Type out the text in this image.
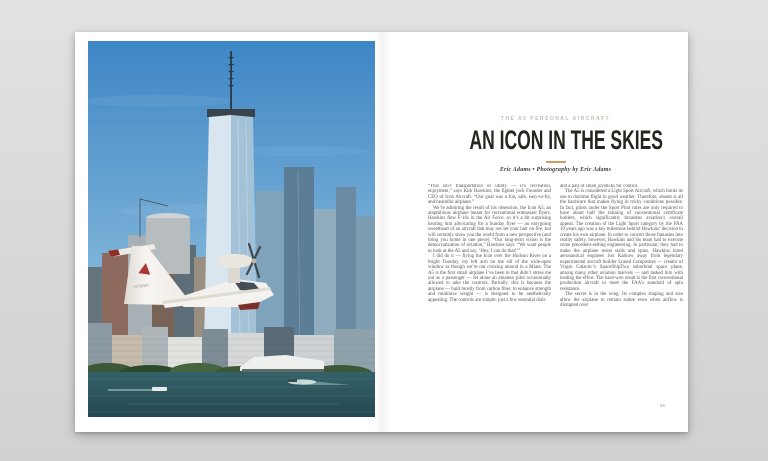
N720BA
THE A5 PERSONAL AIRCRAFT
AN ICON IN THE SKIES
Eric Adams • Photography by Eric Adams

“This isn’t transportation or utility — it’s recreation, enjoyment,” says Kirk Hawkins, the fighter jock Founder and CEO of Icon Aircraft. “Our goal was a fun, safe, easy-to-fly, and beautiful airplane.”

We’re admiring the result of his obsession, the Icon A5, an amphibious airplane meant for recreational enthusiast flyers. Hawkins flew F-16s in the Air Force, so it’s a bit surprising hearing him advocating for a Sunday flyer — an easygoing sweetheart of an aircraft that may not set your hair on fire, but will certainly show you the world from a new perspective (and bring you home in one piece). “Our long-term vision is the democratization of aviation,” Hawkins says. “We want people to look at the A5 and say, ‘Hey, I can do that!’”

I did do it — flying the Icon over the Hudson River on a bright Tuesday, my left arm on the sill of the wide-open window as though we’re out cruising around in a Miata. The A5 is the first small airplane I’ve been in that didn’t stress me out as a passenger — let alone an amateur pilot occasionally allowed to take the controls. Partially, this is because the airplane — built mostly from carbon fiber, to enhance strength and minimize weight — is designed to be aesthetically appealing. The controls are simple: just a few essential dials

and a pair of small joysticks for control.

The A5 is considered a Light Sport Aircraft, which limits its use to daytime flight in good weather. Therefore, absent is all the hardware that makes flying in tricky conditions possible. In fact, pilots under the Sport Pilot rules are only required to have about half the training of conventional certificate holders, which significantly broadens aviation’s overall appeal. The creation of the Light Sport category by the FAA 10 years ago was a key milestone behind Hawkins’ decision to create his own airplane. In order to convert those fantasies into reality safely, however, Hawkins and his team had to execute some precedent-setting engineering. In particular, they had to make the airplane resist stalls and spins. Hawkins hired aeronautical engineer Jon Karkow away from legendary experimental aircraft builder Scaled Composites — creator of Virgin Galactic’s SpaceShipTwo suborbital space plane, among many other aviation marvels — and tasked him with leading the effort. The hard-won result is the first conventional production aircraft to meet the FAA’s standard of spin resistance.

The secret is in the wing. Its complex shaping and size allow the airplane to remain stable even when airflow is disrupted over

85
